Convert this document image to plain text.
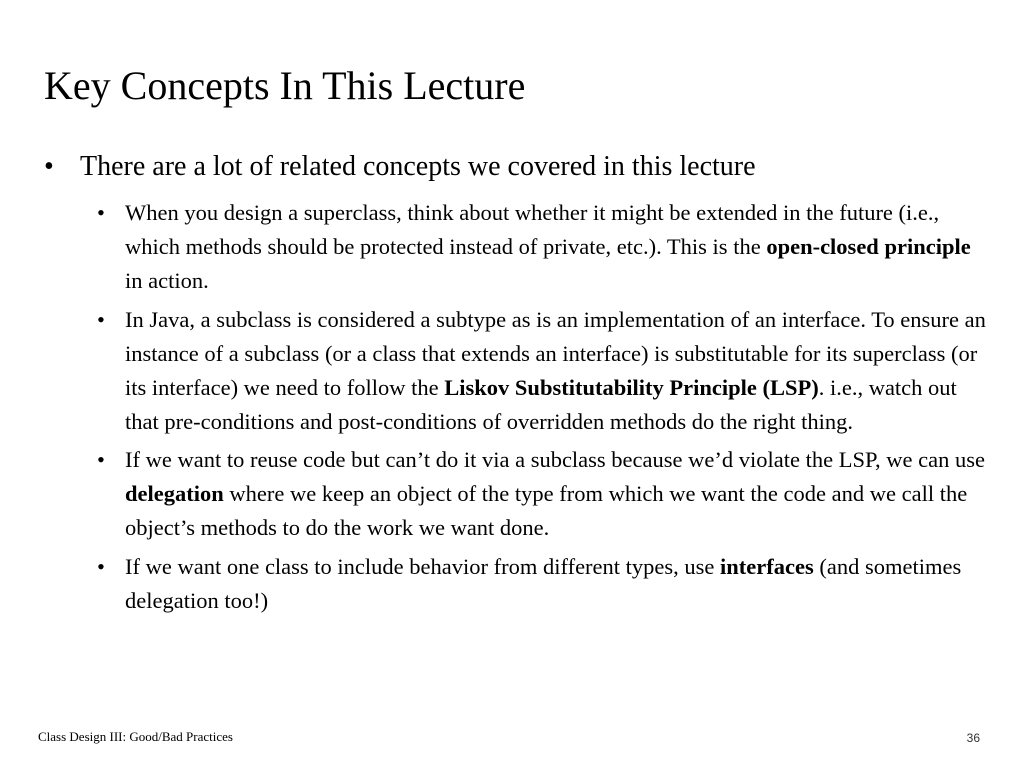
Key Concepts In This Lecture
• There are a lot of related concepts we covered in this lecture
• When you design a superclass, think about whether it might be extended in the future (i.e., which methods should be protected instead of private, etc.). This is the open-closed principle in action.
• In Java, a subclass is considered a subtype as is an implementation of an interface. To ensure an instance of a subclass (or a class that extends an interface) is substitutable for its superclass (or its interface) we need to follow the Liskov Substitutability Principle (LSP). i.e., watch out that pre-conditions and post-conditions of overridden methods do the right thing.
• If we want to reuse code but can’t do it via a subclass because we’d violate the LSP, we can use delegation where we keep an object of the type from which we want the code and we call the object’s methods to do the work we want done.
• If we want one class to include behavior from different types, use interfaces (and sometimes delegation too!)
Class Design III: Good/Bad Practices	36
